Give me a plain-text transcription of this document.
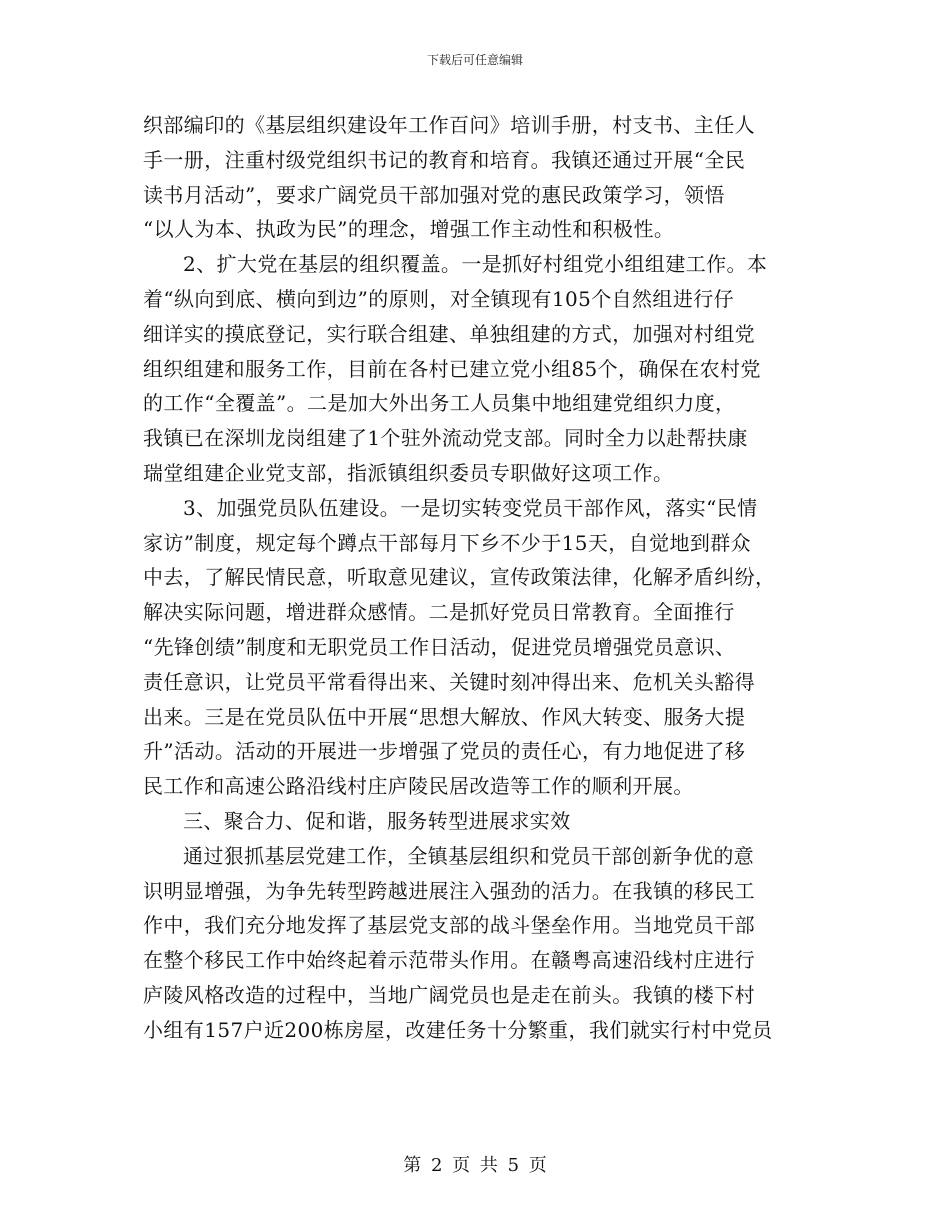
下载后可任意编辑
织部编印的《基层组织建设年工作百问》培训手册，村支书、主任人
手一册，注重村级党组织书记的教育和培育。我镇还通过开展“全民
读书月活动”，要求广阔党员干部加强对党的惠民政策学习，领悟
“以人为本、执政为民”的理念，增强工作主动性和积极性。
2、扩大党在基层的组织覆盖。一是抓好村组党小组组建工作。本
着“纵向到底、横向到边”的原则，对全镇现有105个自然组进行仔
细详实的摸底登记，实行联合组建、单独组建的方式，加强对村组党
组织组建和服务工作，目前在各村已建立党小组85个，确保在农村党
的工作“全覆盖”。二是加大外出务工人员集中地组建党组织力度，
我镇已在深圳龙岗组建了1个驻外流动党支部。同时全力以赴帮扶康
瑞堂组建企业党支部，指派镇组织委员专职做好这项工作。
3、加强党员队伍建设。一是切实转变党员干部作风，落实“民情
家访”制度，规定每个蹲点干部每月下乡不少于15天，自觉地到群众
中去，了解民情民意，听取意见建议，宣传政策法律，化解矛盾纠纷，
解决实际问题，增进群众感情。二是抓好党员日常教育。全面推行
“先锋创绩”制度和无职党员工作日活动，促进党员增强党员意识、
责任意识，让党员平常看得出来、关键时刻冲得出来、危机关头豁得
出来。三是在党员队伍中开展“思想大解放、作风大转变、服务大提
升”活动。活动的开展进一步增强了党员的责任心，有力地促进了移
民工作和高速公路沿线村庄庐陵民居改造等工作的顺利开展。
三、聚合力、促和谐，服务转型进展求实效
通过狠抓基层党建工作，全镇基层组织和党员干部创新争优的意
识明显增强，为争先转型跨越进展注入强劲的活力。在我镇的移民工
作中，我们充分地发挥了基层党支部的战斗堡垒作用。当地党员干部
在整个移民工作中始终起着示范带头作用。在赣粤高速沿线村庄进行
庐陵风格改造的过程中，当地广阔党员也是走在前头。我镇的楼下村
小组有157户近200栋房屋，改建任务十分繁重，我们就实行村中党员
第 2 页 共 5 页
